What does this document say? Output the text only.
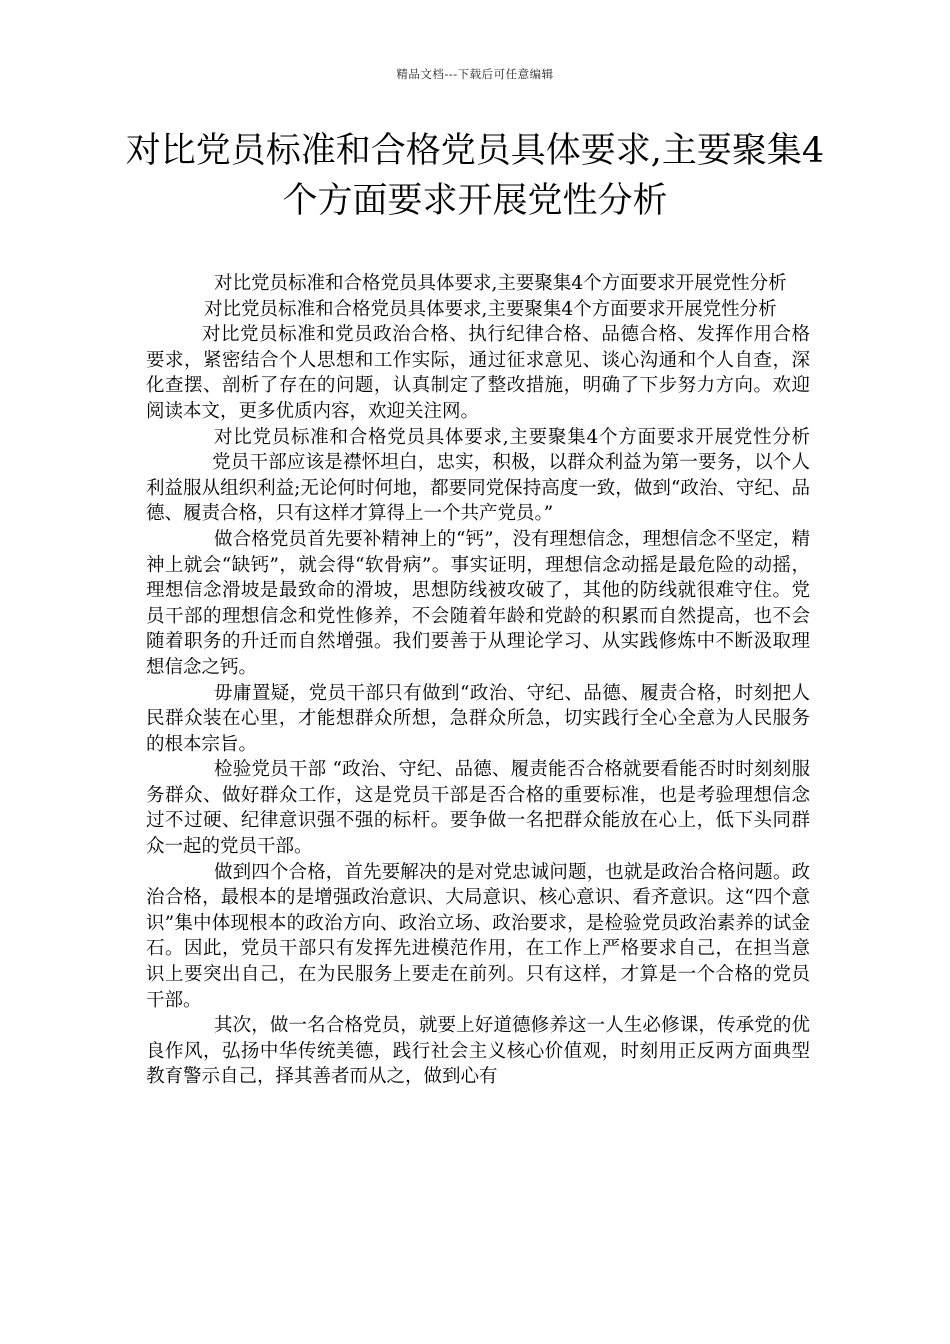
精品文档---下载后可任意编辑
对比党员标准和合格党员具体要求,主要聚集4个方面要求开展党性分析

对比党员标准和合格党员具体要求,主要聚集4个方面要求开展党性分析

对比党员标准和合格党员具体要求,主要聚集4个方面要求开展党性分析

对比党员标准和党员政治合格、执行纪律合格、品德合格、发挥作用合格要求，紧密结合个人思想和工作实际，通过征求意见、谈心沟通和个人自查，深化查摆、剖析了存在的问题，认真制定了整改措施，明确了下步努力方向。欢迎阅读本文，更多优质内容，欢迎关注网。

对比党员标准和合格党员具体要求,主要聚集4个方面要求开展党性分析党员干部应该是襟怀坦白，忠实，积极，以群众利益为第一要务，以个人利益服从组织利益;无论何时何地，都要同党保持高度一致，做到“政治、守纪、品德、履责合格，只有这样才算得上一个共产党员。”

做合格党员首先要补精神上的“钙”，没有理想信念，理想信念不坚定，精神上就会“缺钙”，就会得“软骨病”。事实证明，理想信念动摇是最危险的动摇，理想信念滑坡是最致命的滑坡，思想防线被攻破了，其他的防线就很难守住。党员干部的理想信念和党性修养，不会随着年龄和党龄的积累而自然提高，也不会随着职务的升迁而自然增强。我们要善于从理论学习、从实践修炼中不断汲取理想信念之钙。

毋庸置疑，党员干部只有做到“政治、守纪、品德、履责合格，时刻把人民群众装在心里，才能想群众所想，急群众所急，切实践行全心全意为人民服务的根本宗旨。

检验党员干部 “政治、守纪、品德、履责能否合格就要看能否时时刻刻服务群众、做好群众工作，这是党员干部是否合格的重要标准，也是考验理想信念过不过硬、纪律意识强不强的标杆。要争做一名把群众能放在心上，低下头同群众一起的党员干部。

做到四个合格，首先要解决的是对党忠诚问题，也就是政治合格问题。政治合格，最根本的是增强政治意识、大局意识、核心意识、看齐意识。这“四个意识”集中体现根本的政治方向、政治立场、政治要求，是检验党员政治素养的试金石。因此，党员干部只有发挥先进模范作用，在工作上严格要求自己，在担当意识上要突出自己，在为民服务上要走在前列。只有这样，才算是一个合格的党员干部。

其次，做一名合格党员，就要上好道德修养这一人生必修课，传承党的优良作风，弘扬中华传统美德，践行社会主义核心价值观，时刻用正反两方面典型教育警示自己，择其善者而从之，做到心有
